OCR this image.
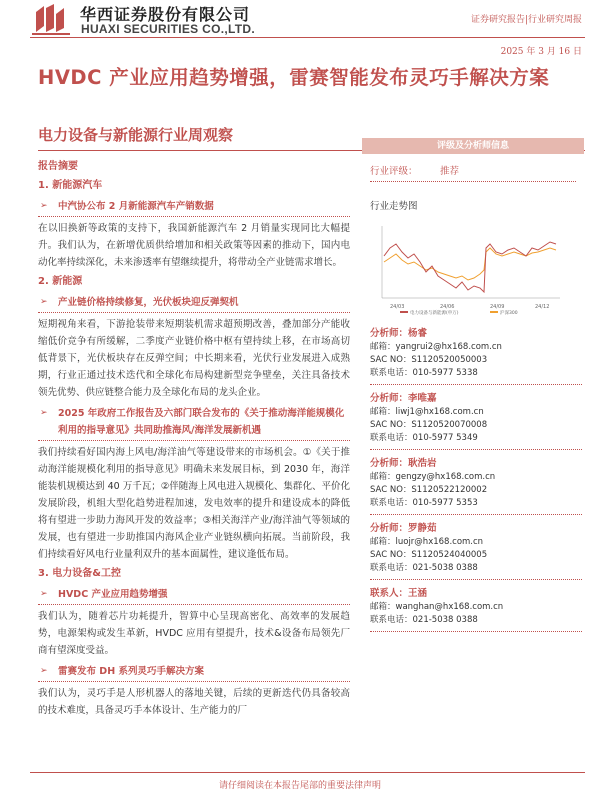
华西证券股份有限公司
HUAXI SECURITIES CO.,LTD.
证券研究报告|行业研究周报
2025 年 3 月 16 日
HVDC 产业应用趋势增强，雷赛智能发布灵巧手解决方案
电力设备与新能源行业周观察
报告摘要
1. 新能源汽车
➢	中汽协公布 2 月新能源汽车产销数据
在以旧换新等政策的支持下，我国新能源汽车 2 月销量实现同比大幅提升。我们认为，在新增优质供给增加和相关政策等因素的推动下，国内电动化率持续深化，未来渗透率有望继续提升，将带动全产业链需求增长。
2. 新能源
➢	产业链价格持续修复，光伏板块迎反弹契机
短期视角来看，下游抢装带来短期装机需求超预期改善，叠加部分产能收缩低价竞争有所缓解，二季度产业链价格中枢有望持续上移，在市场高切低背景下，光伏板块存在反弹空间；中长期来看，光伏行业发展进入成熟期，行业正通过技术迭代和全球化布局构建新型竞争壁垒，关注具备技术领先优势、供应链整合能力及全球化布局的龙头企业。
➢	2025 年政府工作报告及六部门联合发布的《关于推动海洋能规模化利用的指导意见》共同助推海风/海洋发展新机遇
我们持续看好国内海上风电/海洋油气等建设带来的市场机会。①《关于推动海洋能规模化利用的指导意见》明确未来发展目标，到 2030 年，海洋能装机规模达到 40 万千瓦；②伴随海上风电进入规模化、集群化、平价化发展阶段，机组大型化趋势进程加速，发电效率的提升和建设成本的降低将有望进一步助力海风开发的效益率；③相关海洋产业/海洋油气等领域的发展，也有望进一步助推国内海风企业产业链纵横向拓展。当前阶段，我们持续看好风电行业量利双升的基本面属性，建议逢低布局。
3. 电力设备&工控
➢	HVDC 产业应用趋势增强
我们认为，随着芯片功耗提升，智算中心呈现高密化、高效率的发展趋势，电源架构或发生革新，HVDC 应用有望提升，技术&设备布局领先厂商有望深度受益。
➢	雷赛发布 DH 系列灵巧手解决方案
我们认为，灵巧手是人形机器人的落地关键，后续的更新迭代仍具备较高的技术难度，具备灵巧手本体设计、生产能力的厂
评级及分析师信息
行业评级：	推荐
行业走势图
24/03	24/06	24/09	24/12
电力设备与新能源(申万)	沪深300
分析师：杨睿
邮箱：yangrui2@hx168.com.cn
SAC NO：S1120520050003
联系电话：010-5977 5338
分析师：李唯嘉
邮箱：liwj1@hx168.com.cn
SAC NO：S1120520070008
联系电话：010-5977 5349
分析师：耿浩岩
邮箱：gengzy@hx168.com.cn
SAC NO：S1120522120002
联系电话：010-5977 5353
分析师：罗静茹
邮箱：luojr@hx168.com.cn
SAC NO：S1120524040005
联系电话：021-5038 0388
联系人：王涵
邮箱：wanghan@hx168.com.cn
联系电话：021-5038 0388
请仔细阅读在本报告尾部的重要法律声明
